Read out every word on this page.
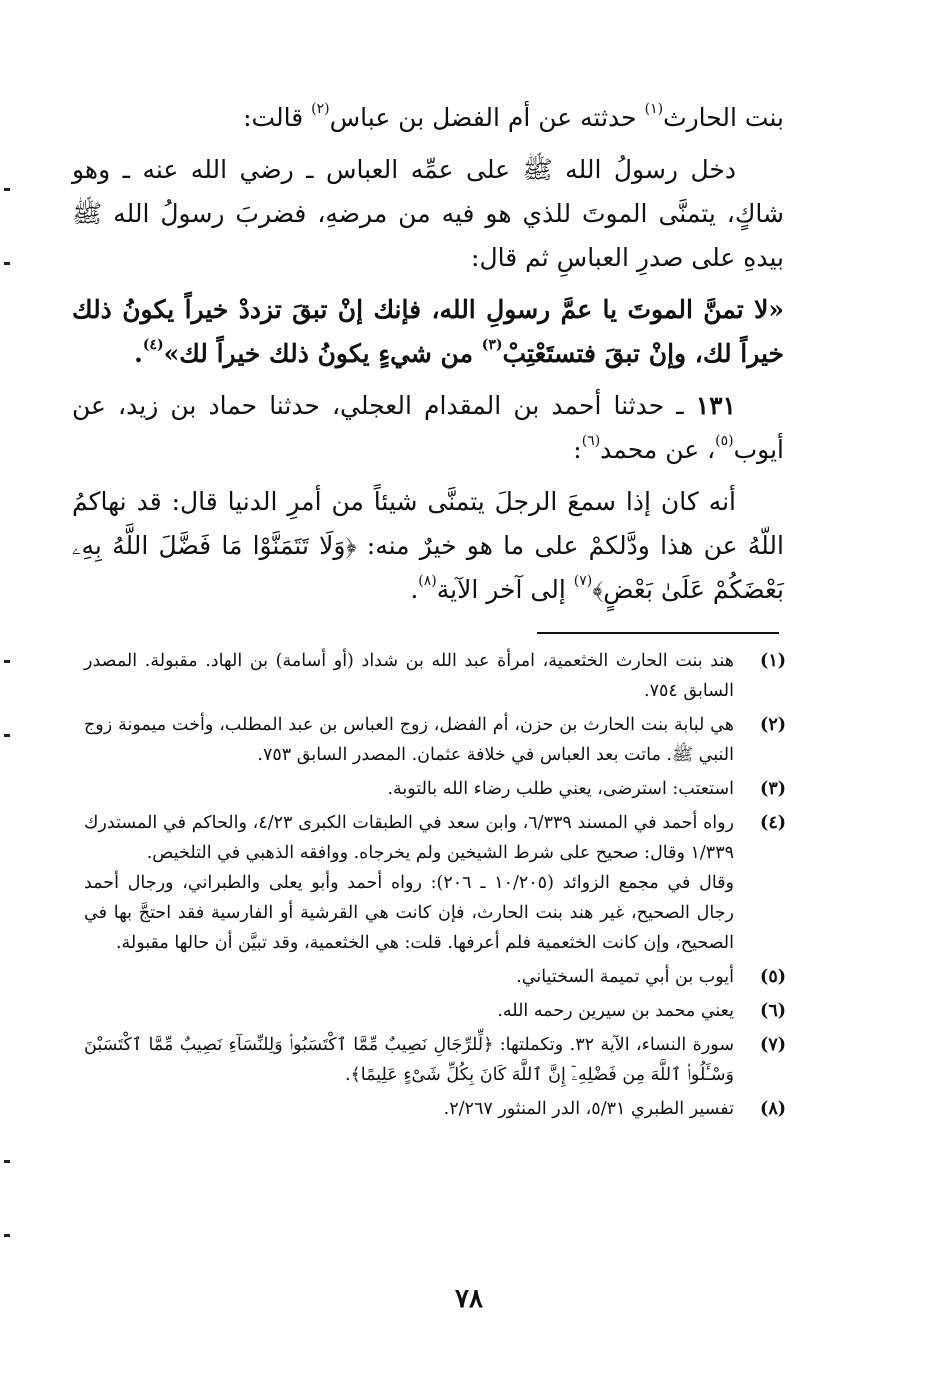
بنت الحارث$^{(١)}$ حدثته عن أم الفضل بن عباس$^{(٢)}$ قالت:

دخل رسولُ الله ﷺ على عمِّه العباس ـ رضي الله عنه ـ وهو شاكٍ، يتمنَّى الموتَ للذي هو فيه من مرضهِ، فضربَ رسولُ الله ﷺ بيدهِ على صدرِ العباسِ ثم قال:

«لا تمنَّ الموتَ يا عمَّ رسولِ الله، فإنك إنْ تبقَ تزددْ خيراً يكونُ ذلك خيراً لك، وإنْ تبقَ فتستَعْتِبْ$^{(٣)}$ من شيءٍ يكونُ ذلك خيراً لك»$^{(٤)}$.

١٣١ ـ حدثنا أحمد بن المقدام العجلي، حدثنا حماد بن زيد، عن أيوب$^{(٥)}$، عن محمد$^{(٦)}$:

أنه كان إذا سمعَ الرجلَ يتمنَّى شيئاً من أمرِ الدنيا قال: قد نهاكمُ اللّهُ عن هذا ودَّلكمْ على ما هو خيرٌ منه: ﴿وَلَا تَتَمَنَّوْا مَا فَضَّلَ اللَّهُ بِهِۦ بَعْضَكُمْ عَلَىٰ بَعْضٍ﴾$^{(٧)}$ إلى آخر الآية$^{(٨)}$.

(١)

هند بنت الحارث الخثعمية، امرأة عبد الله بن شداد (أو أسامة) بن الهاد. مقبولة. المصدر السابق ٧٥٤.

(٢)

هي لبابة بنت الحارث بن حزن، أم الفضل، زوج العباس بن عبد المطلب، وأخت ميمونة زوج النبي ﷺ. ماتت بعد العباس في خلافة عثمان. المصدر السابق ٧٥٣.

(٣)

استعتب: استرضى، يعني طلب رضاء الله بالتوبة.

(٤)

رواه أحمد في المسند ٦/٣٣٩، وابن سعد في الطبقات الكبرى ٤/٢٣، والحاكم في المستدرك ١/٣٣٩ وقال: صحيح على شرط الشيخين ولم يخرجاه. ووافقه الذهبي في التلخيص.

وقال في مجمع الزوائد (١٠/٢٠٥ ـ ٢٠٦): رواه أحمد وأبو يعلى والطبراني، ورجال أحمد رجال الصحيح، غير هند بنت الحارث، فإن كانت هي القرشية أو الفارسية فقد احتجَّ بها في الصحيح، وإن كانت الخثعمية فلم أعرفها. قلت: هي الخثعمية، وقد تبيَّن أن حالها مقبولة.

(٥)

أيوب بن أبي تميمة السختياني.

(٦)

يعني محمد بن سيرين رحمه الله.

(٧)

سورة النساء، الآية ٣٢. وتكملتها: ﴿لِّلرِّجَالِ نَصِيبٌ مِّمَّا ٱكْتَسَبُوا۟ وَلِلنِّسَآءِ نَصِيبٌ مِّمَّا ٱكْتَسَبْنَ وَسْـَٔلُوا۟ ٱللَّهَ مِن فَضْلِهِۦٓ إِنَّ ٱللَّهَ كَانَ بِكُلِّ شَىْءٍ عَلِيمًا﴾.

(٨)

تفسير الطبري ٥/٣١، الدر المنثور ٢/٢٦٧.

٧٨
